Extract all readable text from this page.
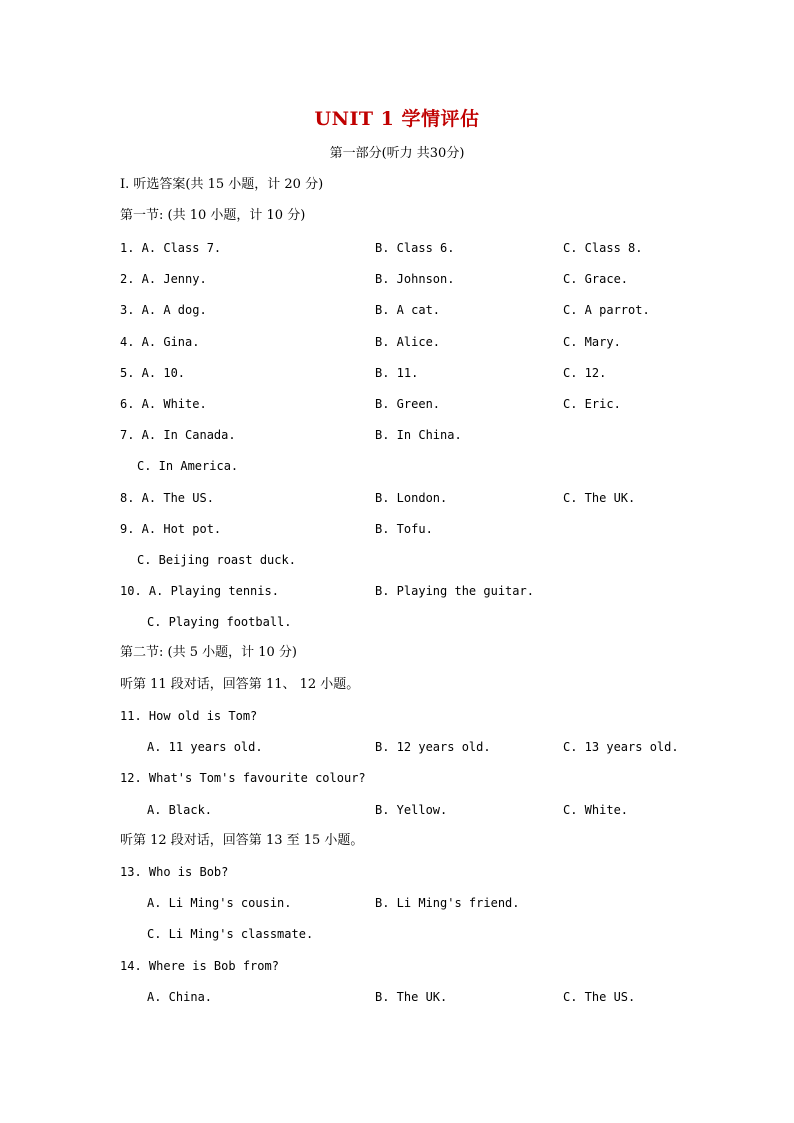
UNIT 1 学情评估
第一部分(听力 共30分)
Ⅰ. 听选答案(共 15 小题，计 20 分)
第一节: (共 10 小题，计 10 分)
1. A. Class 7.	B. Class 6.	C. Class 8.
2. A. Jenny.	B. Johnson.	C. Grace.
3. A. A dog.	B. A cat.	C. A parrot.
4. A. Gina.	B. Alice.	C. Mary.
5. A. 10.	B. 11.	C. 12.
6. A. White.	B. Green.	C. Eric.
7. A. In Canada.	B. In China.
C. In America.
8. A. The US.	B. London.	C. The UK.
9. A. Hot pot.	B. Tofu.
C. Beijing roast duck.
10. A. Playing tennis.	B. Playing the guitar.
C. Playing football.
第二节: (共 5 小题，计 10 分)
听第 11 段对话，回答第 11、 12 小题。
11. How old is Tom?
A. 11 years old.	B. 12 years old.	C. 13 years old.
12. What's Tom's favourite colour?
A. Black.	B. Yellow.	C. White.
听第 12 段对话，回答第 13 至 15 小题。
13. Who is Bob?
A. Li Ming's cousin.	B. Li Ming's friend.
C. Li Ming's classmate.
14. Where is Bob from?
A. China.	B. The UK.	C. The US.
